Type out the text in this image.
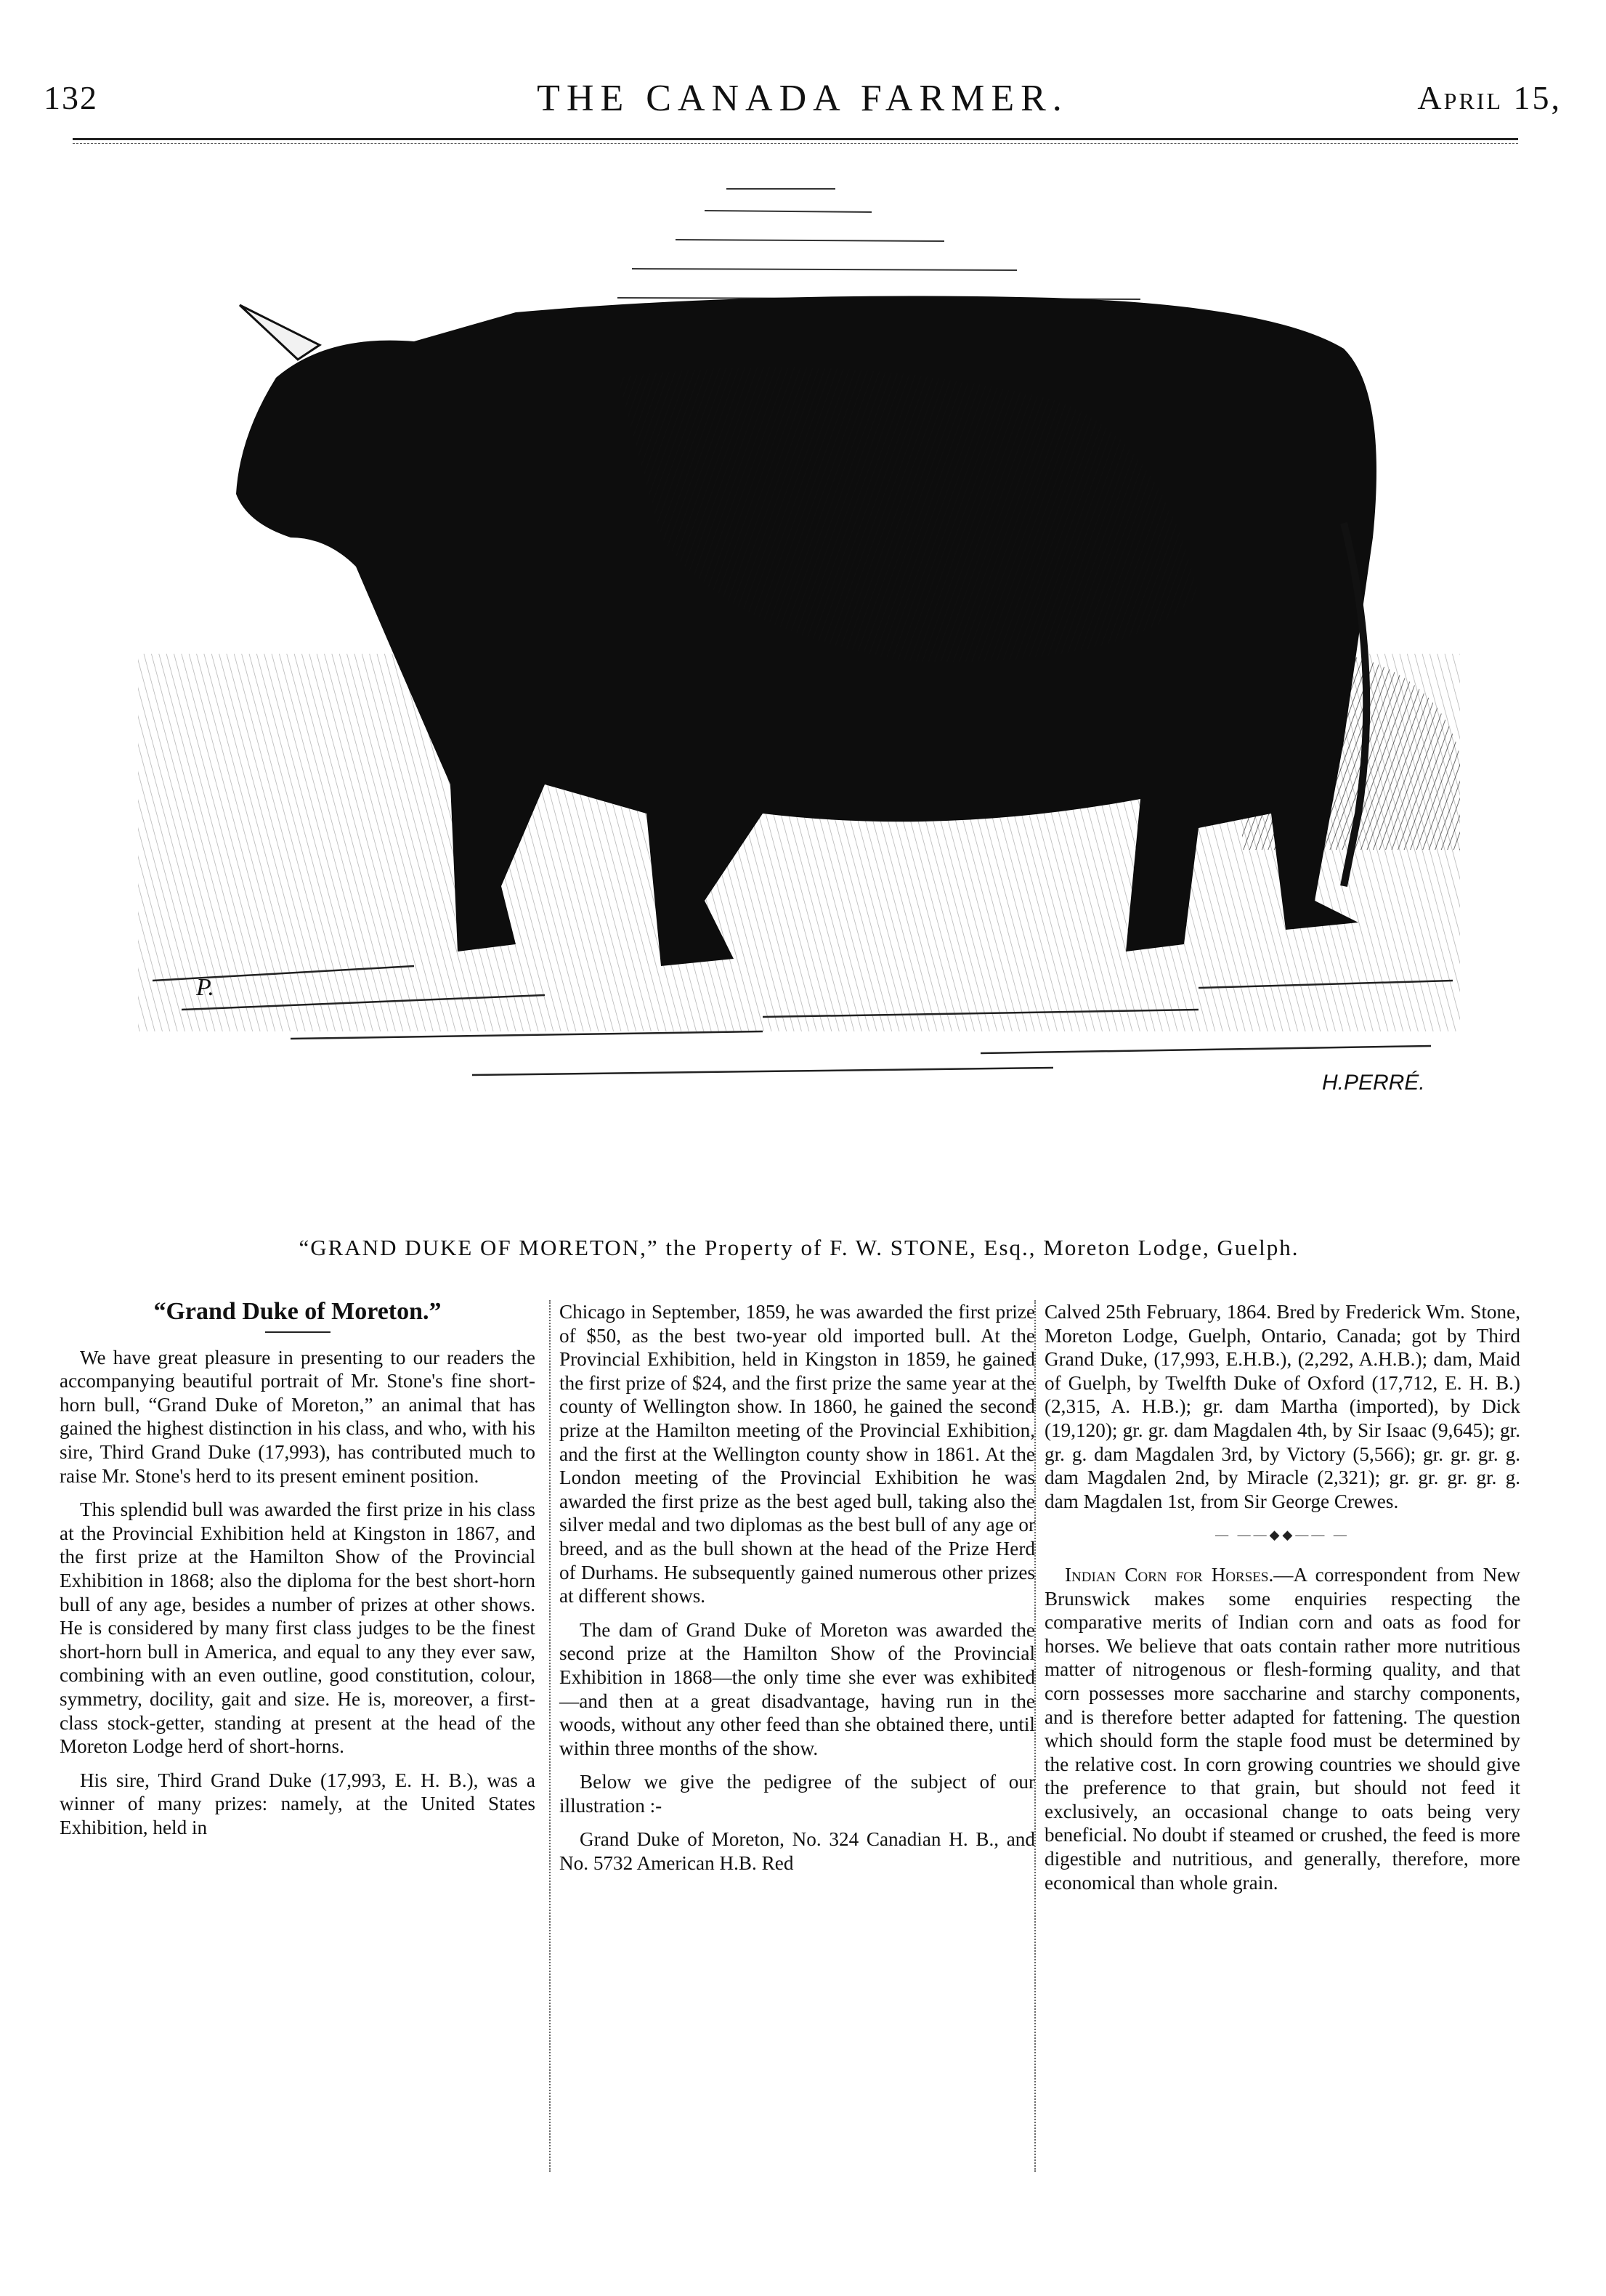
132	THE CANADA FARMER.	April 15,
P.
H.PERRÉ.
“GRAND DUKE OF MORETON,” the Property of F. W. STONE, Esq., Moreton Lodge, Guelph.
“Grand Duke of Moreton.”

We have great pleasure in presenting to our readers the accompanying beautiful portrait of Mr. Stone's fine short-horn bull, “Grand Duke of Moreton,” an animal that has gained the highest distinction in his class, and who, with his sire, Third Grand Duke (17,993), has contributed much to raise Mr. Stone's herd to its present eminent position.

This splendid bull was awarded the first prize in his class at the Provincial Exhibition held at Kingston in 1867, and the first prize at the Hamilton Show of the Provincial Exhibition in 1868; also the diploma for the best short-horn bull of any age, besides a number of prizes at other shows. He is considered by many first class judges to be the finest short-horn bull in America, and equal to any they ever saw, combining with an even outline, good constitution, colour, symmetry, docility, gait and size. He is, moreover, a first-class stock-getter, standing at present at the head of the Moreton Lodge herd of short-horns.

His sire, Third Grand Duke (17,993, E. H. B.), was a winner of many prizes: namely, at the United States Exhibition, held in

Chicago in September, 1859, he was awarded the first prize of $50, as the best two-year old imported bull. At the Provincial Exhibition, held in Kingston in 1859, he gained the first prize of $24, and the first prize the same year at the county of Wellington show. In 1860, he gained the second prize at the Hamilton meeting of the Provincial Exhibition, and the first at the Wellington county show in 1861. At the London meeting of the Provincial Exhibition he was awarded the first prize as the best aged bull, taking also the silver medal and two diplomas as the best bull of any age or breed, and as the bull shown at the head of the Prize Herd of Durhams. He subsequently gained numerous other prizes at different shows.

The dam of Grand Duke of Moreton was awarded the second prize at the Hamilton Show of the Provincial Exhibition in 1868—the only time she ever was exhibited—and then at a great disadvantage, having run in the woods, without any other feed than she obtained there, until within three months of the show.

Below we give the pedigree of the subject of our illustration :-

Grand Duke of Moreton, No. 324 Canadian H. B., and No. 5732 American H.B. Red

Calved 25th February, 1864. Bred by Frederick Wm. Stone, Moreton Lodge, Guelph, Ontario, Canada; got by Third Grand Duke, (17,993, E.H.B.), (2,292, A.H.B.); dam, Maid of Guelph, by Twelfth Duke of Oxford (17,712, E. H. B.) (2,315, A. H.B.); gr. dam Martha (imported), by Dick (19,120); gr. gr. dam Magdalen 4th, by Sir Isaac (9,645); gr. gr. g. dam Magdalen 3rd, by Victory (5,566); gr. gr. gr. g. dam Magdalen 2nd, by Miracle (2,321); gr. gr. gr. gr. g. dam Magdalen 1st, from Sir George Crewes.

— ——◆◆—— —

Indian Corn for Horses.—A correspondent from New Brunswick makes some enquiries respecting the comparative merits of Indian corn and oats as food for horses. We believe that oats contain rather more nutritious matter of nitrogenous or flesh-forming quality, and that corn possesses more saccharine and starchy components, and is therefore better adapted for fattening. The question which should form the staple food must be determined by the relative cost. In corn growing countries we should give the preference to that grain, but should not feed it exclusively, an occasional change to oats being very beneficial. No doubt if steamed or crushed, the feed is more digestible and nutritious, and generally, therefore, more economical than whole grain.
